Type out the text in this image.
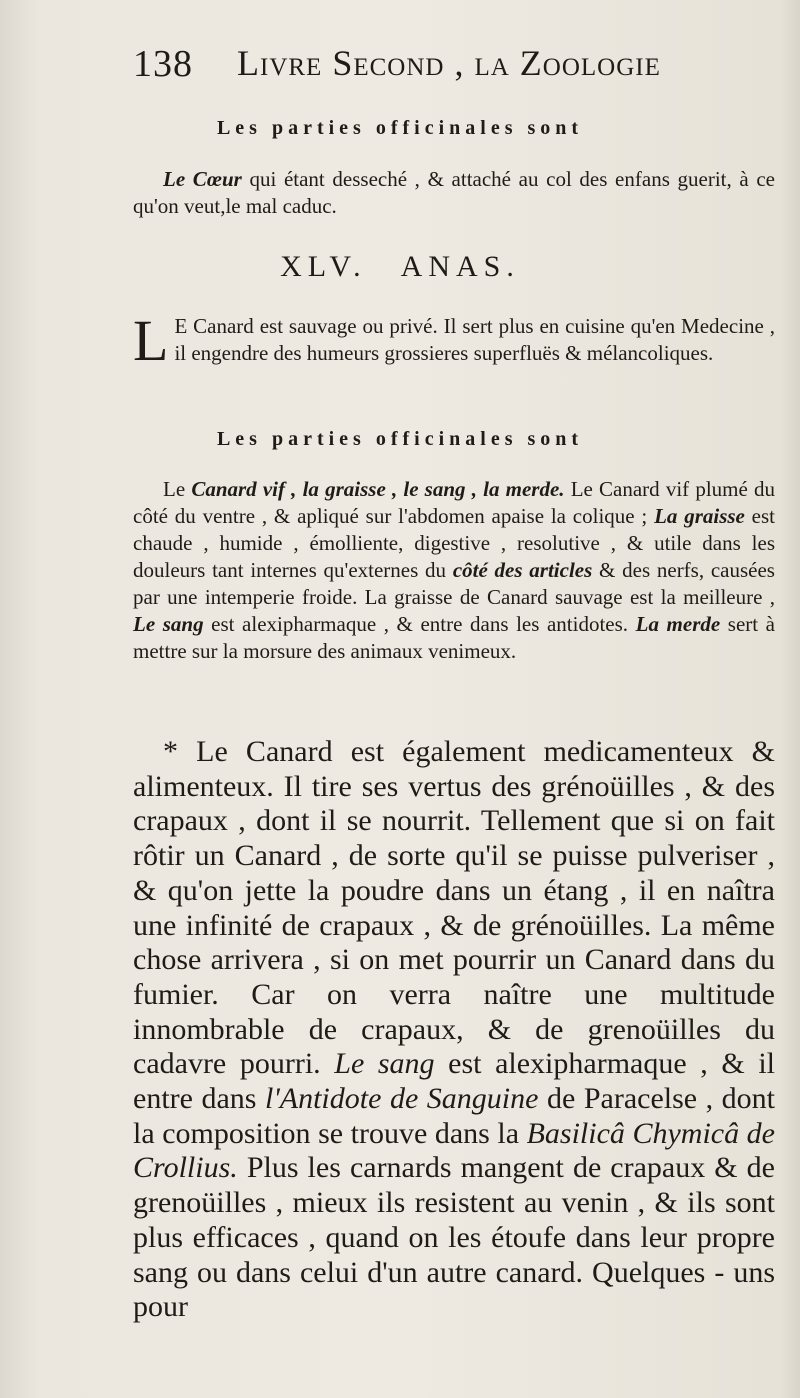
138 Livre Second , la Zoologie
Les parties officinales sont

Le Cœur qui étant desseché , & attaché au col des enfans guerit, à ce qu'on veut,le mal caduc.

XLV. ANAS.
L E Canard est sauvage ou privé. Il sert plus en cuisine qu'en Medecine , il engendre des humeurs grossieres superfluës & mélancoliques.
Les parties officinales sont

Le Canard vif , la graisse , le sang , la merde. Le Canard vif plumé du côté du ventre , & apliqué sur l'abdomen apaise la colique ; La graisse est chaude , humide , émolliente, digestive , resolutive , & utile dans les douleurs tant internes qu'externes du côté des articles & des nerfs, causées par une intemperie froide. La graisse de Canard sauvage est la meilleure , Le sang est alexipharmaque , & entre dans les antidotes. La merde sert à mettre sur la morsure des animaux venimeux.

* Le Canard est également medicamenteux & alimenteux. Il tire ses vertus des grénoüilles , & des crapaux , dont il se nourrit. Tellement que si on fait rôtir un Canard , de sorte qu'il se puisse pulveriser , & qu'on jette la poudre dans un étang , il en naîtra une infinité de crapaux , & de grénoüilles. La même chose arrivera , si on met pourrir un Canard dans du fumier. Car on verra naître une multitude innombrable de crapaux, & de grenoüilles du cadavre pourri. Le sang est alexipharmaque , & il entre dans l'Antidote de Sanguine de Paracelse , dont la composition se trouve dans la Basilicâ Chymicâ de Crollius. Plus les carnards mangent de crapaux & de grenoüilles , mieux ils resistent au venin , & ils sont plus efficaces , quand on les étoufe dans leur propre sang ou dans celui d'un autre canard. Quelques - uns pour
